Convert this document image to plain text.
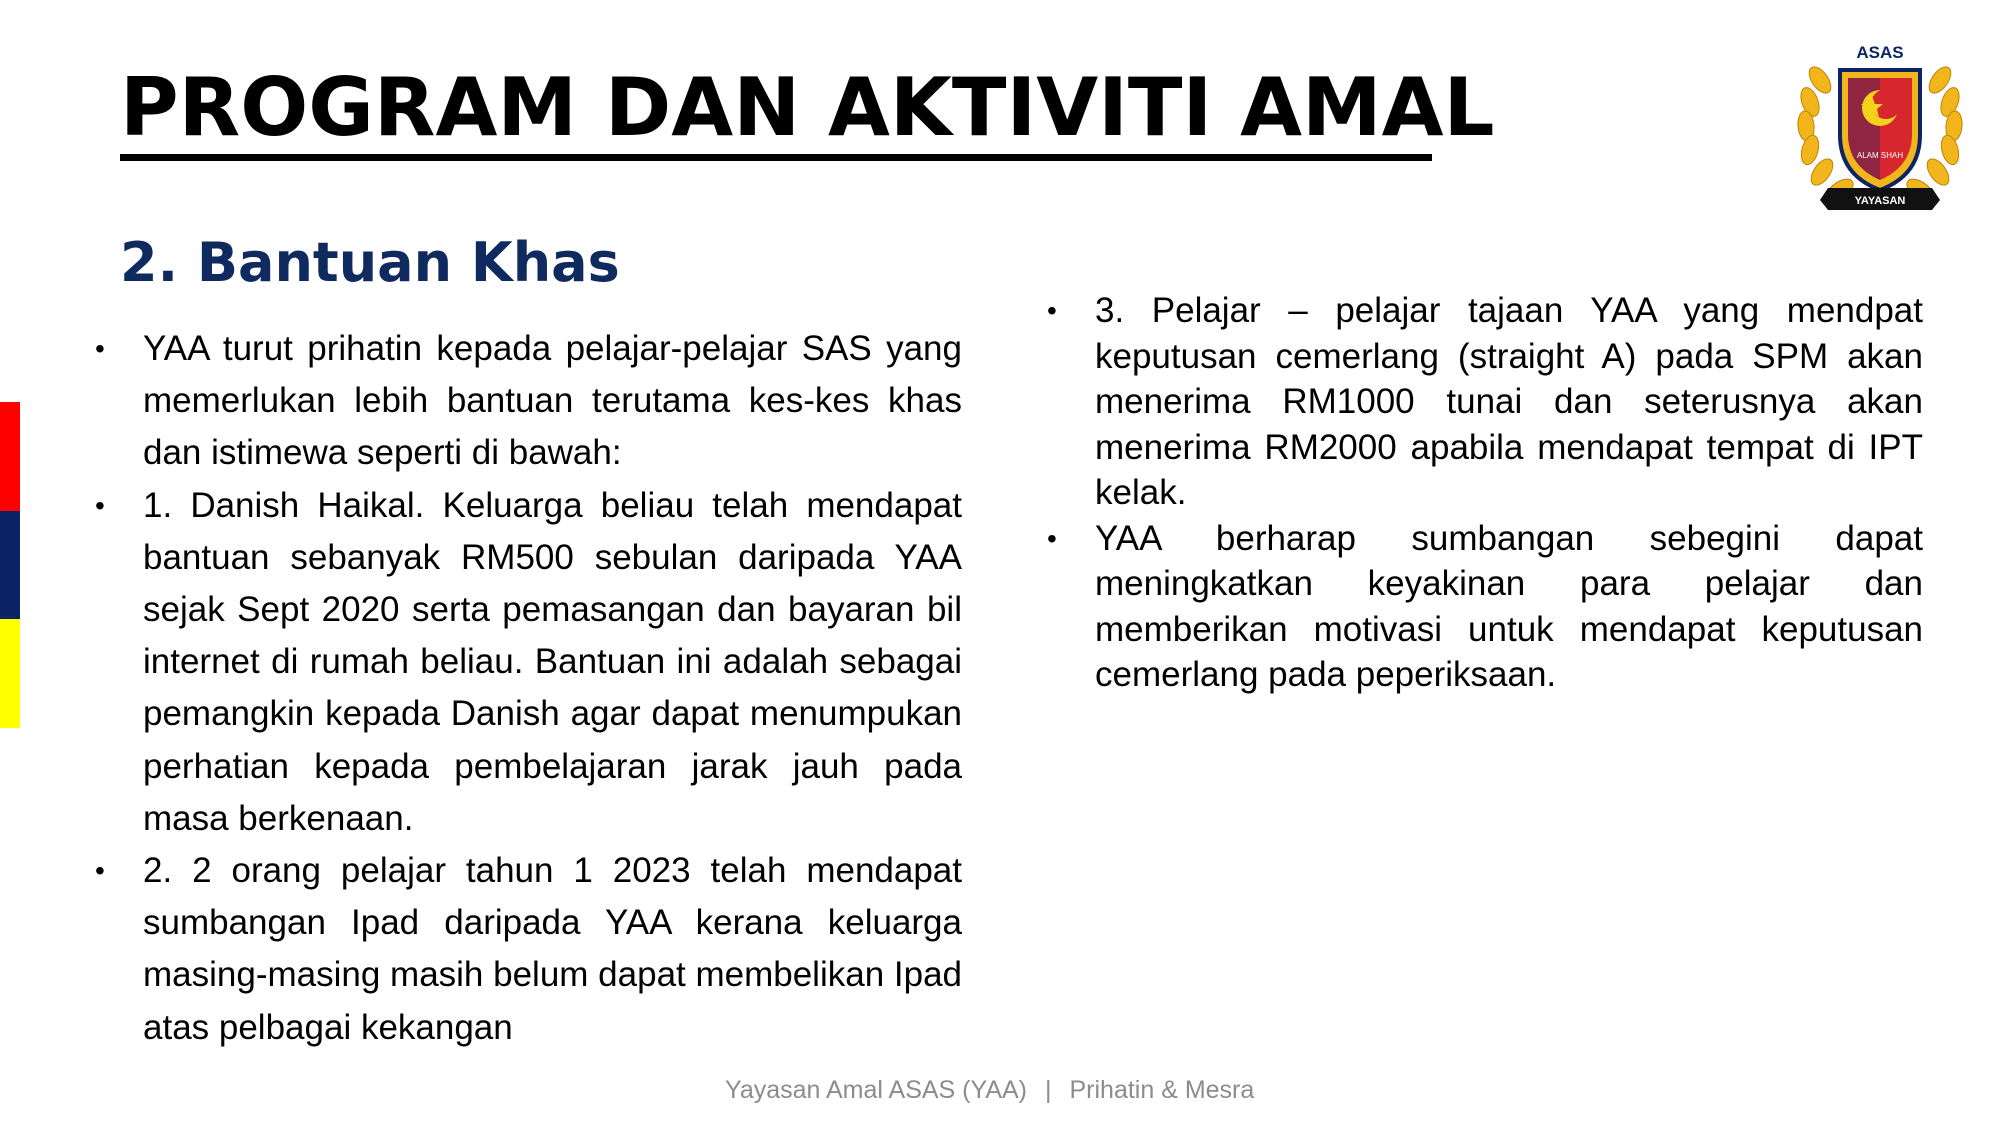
PROGRAM DAN AKTIVITI AMAL
ASAS
ALAM SHAH
YAYASAN
2. Bantuan Khas
•	YAA turut prihatin kepada pelajar-pelajar SAS yang memerlukan lebih bantuan terutama kes-kes khas dan istimewa seperti di bawah:
•	1. Danish Haikal. Keluarga beliau telah mendapat bantuan sebanyak RM500 sebulan daripada YAA sejak Sept 2020 serta pemasangan dan bayaran bil internet di rumah beliau. Bantuan ini adalah sebagai pemangkin kepada Danish agar dapat menumpukan perhatian kepada pembelajaran jarak jauh pada masa berkenaan.
•	2. 2 orang pelajar tahun 1 2023 telah mendapat sumbangan Ipad daripada YAA kerana keluarga masing-masing masih belum dapat membelikan Ipad atas pelbagai kekangan
•	3. Pelajar – pelajar tajaan YAA yang mendpat keputusan cemerlang (straight A) pada SPM akan menerima RM1000 tunai dan seterusnya akan menerima RM2000 apabila mendapat tempat di IPT kelak.
•	YAA berharap sumbangan sebegini dapat meningkatkan keyakinan para pelajar dan memberikan motivasi untuk mendapat keputusan cemerlang pada peperiksaan.
Yayasan Amal ASAS (YAA) | Prihatin & Mesra
